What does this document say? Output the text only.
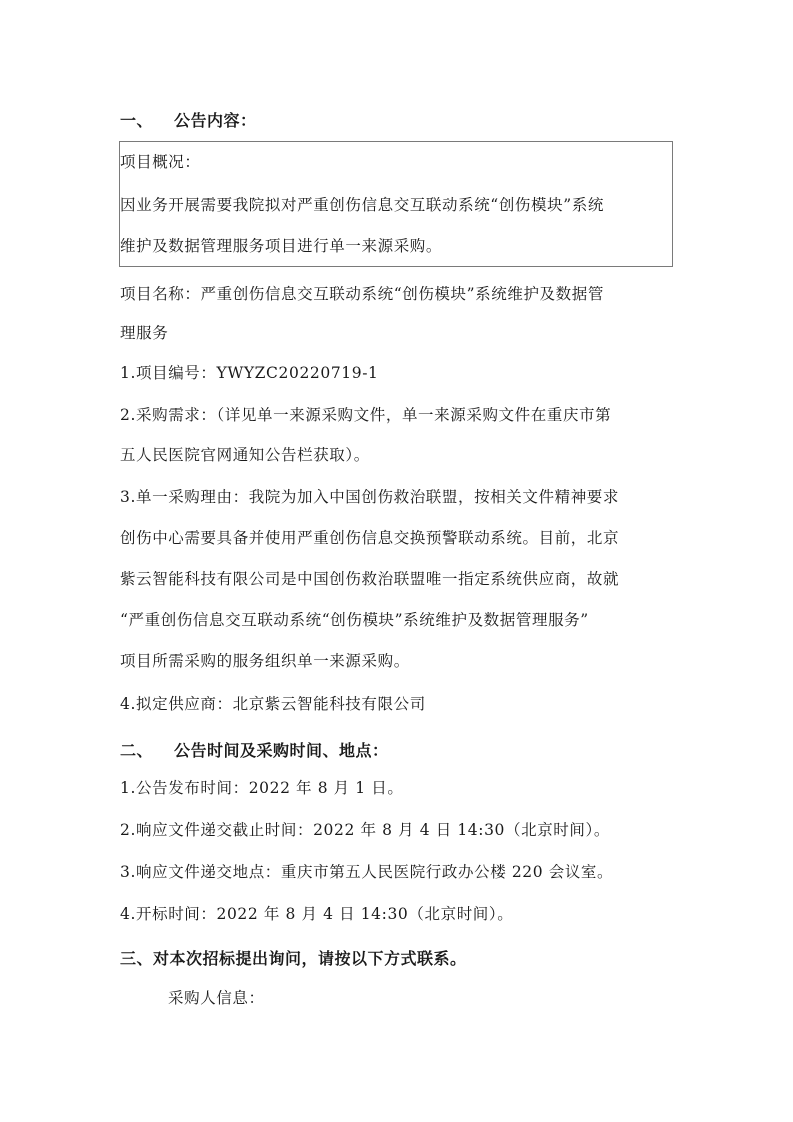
一、 公告内容：
项目概况：
因业务开展需要我院拟对严重创伤信息交互联动系统“创伤模块”系统
维护及数据管理服务项目进行单一来源采购。
项目名称：严重创伤信息交互联动系统“创伤模块”系统维护及数据管
理服务
1.项目编号：YWYZC20220719-1
2.采购需求：（详见单一来源采购文件，单一来源采购文件在重庆市第
五人民医院官网通知公告栏获取）。
3.单一采购理由：我院为加入中国创伤救治联盟，按相关文件精神要求
创伤中心需要具备并使用严重创伤信息交换预警联动系统。目前，北京
紫云智能科技有限公司是中国创伤救治联盟唯一指定系统供应商，故就
“严重创伤信息交互联动系统“创伤模块”系统维护及数据管理服务”
项目所需采购的服务组织单一来源采购。
4.拟定供应商：北京紫云智能科技有限公司
二、 公告时间及采购时间、地点：
1.公告发布时间：2022 年 8 月 1 日。
2.响应文件递交截止时间：2022 年 8 月 4 日 14:30（北京时间）。
3.响应文件递交地点：重庆市第五人民医院行政办公楼 220 会议室。
4.开标时间：2022 年 8 月 4 日 14:30（北京时间）。
三、对本次招标提出询问，请按以下方式联系。
采购人信息：
